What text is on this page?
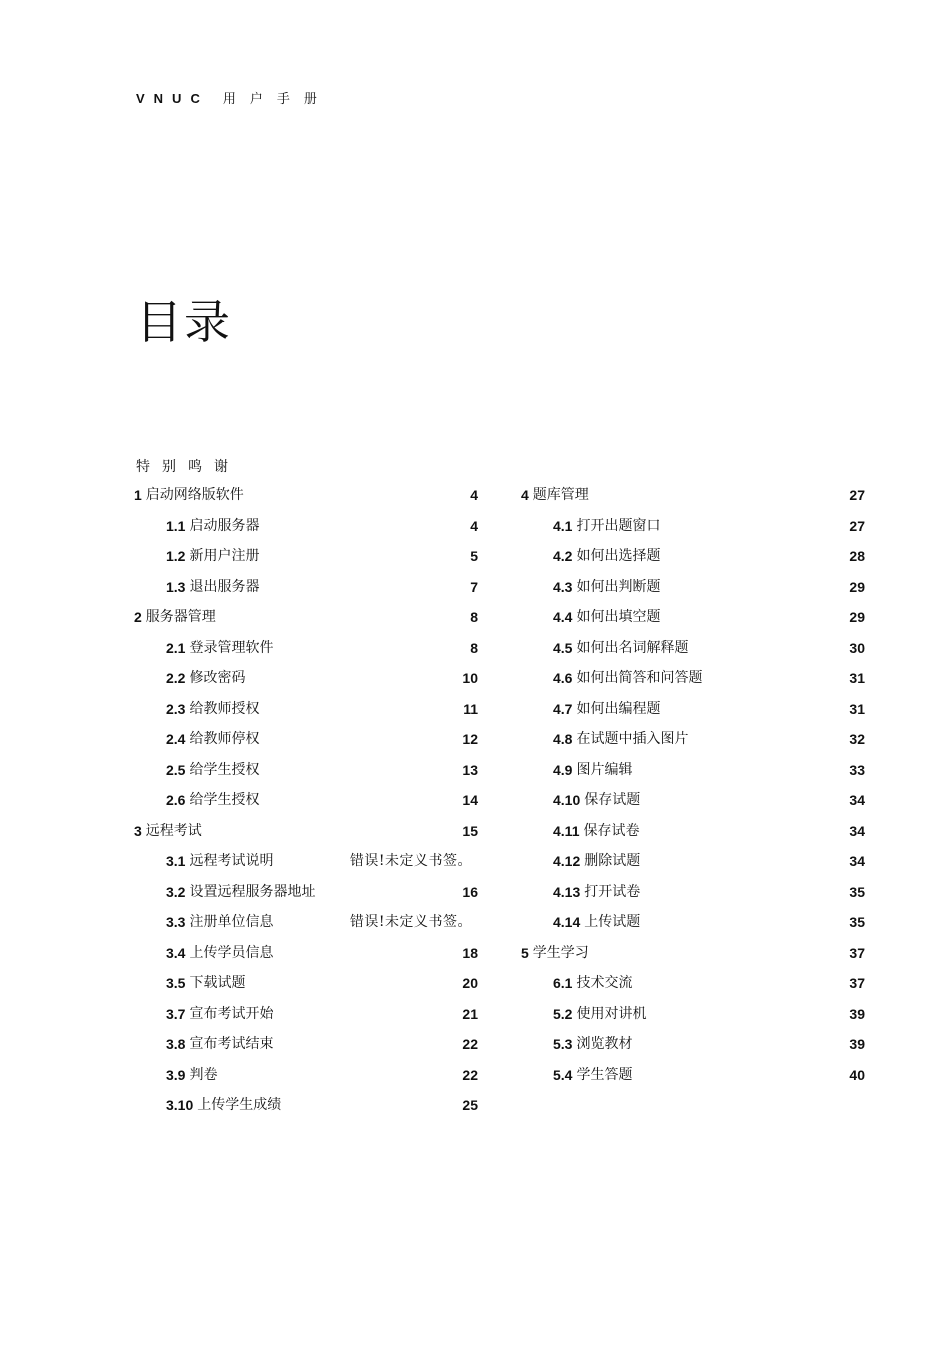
VNUC 用户手册
目录
特别鸣谢
1 启动网络版软件	4
1.1 启动服务器	4
1.2 新用户注册	5
1.3 退出服务器	7
2 服务器管理	8
2.1 登录管理软件	8
2.2 修改密码	10
2.3 给教师授权	11
2.4 给教师停权	12
2.5 给学生授权	13
2.6 给学生授权	14
3 远程考试	15
3.1 远程考试说明	错误!未定义书签。
3.2 设置远程服务器地址	16
3.3 注册单位信息	错误!未定义书签。
3.4 上传学员信息	18
3.5 下载试题	20
3.7 宣布考试开始	21
3.8 宣布考试结束	22
3.9 判卷	22
3.10 上传学生成绩	25
4 题库管理	27
4.1 打开出题窗口	27
4.2 如何出选择题	28
4.3 如何出判断题	29
4.4 如何出填空题	29
4.5 如何出名词解释题	30
4.6 如何出简答和问答题	31
4.7 如何出编程题	31
4.8 在试题中插入图片	32
4.9 图片编辑	33
4.10 保存试题	34
4.11 保存试卷	34
4.12 删除试题	34
4.13 打开试卷	35
4.14 上传试题	35
5 学生学习	37
6.1 技术交流	37
5.2 使用对讲机	39
5.3 浏览教材	39
5.4 学生答题	40
